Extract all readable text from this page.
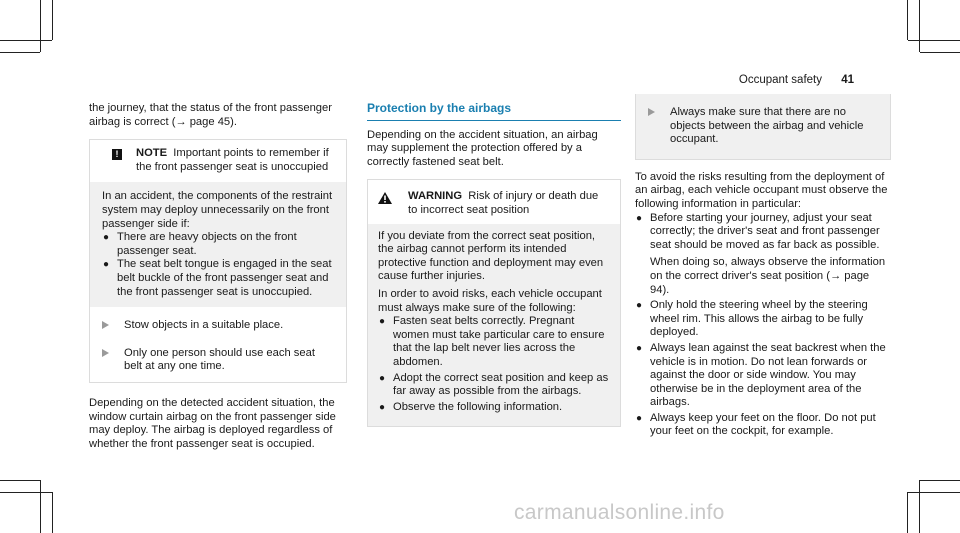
Occupant safety 41

the journey, that the status of the front passenger airbag is correct (→ page 45).

!	NOTE Important points to remember if the front passenger seat is unoccupied

In an accident, the components of the restraint system may deploy unnecessarily on the front passenger side if:

● There are heavy objects on the front passenger seat.
● The seat belt tongue is engaged in the seat belt buckle of the front passenger seat and the front passenger seat is unoccupied.

Stow objects in a suitable place.

Only one person should use each seat belt at any one time.

Depending on the detected accident situation, the window curtain airbag on the front passenger side may deploy. The airbag is deployed regardless of whether the front passenger seat is occupied.

Protection by the airbags

Depending on the accident situation, an airbag may supplement the protection offered by a correctly fastened seat belt.

WARNING Risk of injury or death due to incorrect seat position

If you deviate from the correct seat position, the airbag cannot perform its intended protective function and deployment may even cause further injuries.

In order to avoid risks, each vehicle occupant must always make sure of the following:

● Fasten seat belts correctly. Pregnant women must take particular care to ensure that the lap belt never lies across the abdomen.
● Adopt the correct seat position and keep as far away as possible from the airbags.
● Observe the following information.

Always make sure that there are no objects between the airbag and vehicle occupant.

To avoid the risks resulting from the deployment of an airbag, each vehicle occupant must observe the following information in particular:

● Before starting your journey, adjust your seat correctly; the driver's seat and front passenger seat should be moved as far back as possible.

When doing so, always observe the information on the correct driver's seat position (→ page 94).

● Only hold the steering wheel by the steering wheel rim. This allows the airbag to be fully deployed.
● Always lean against the seat backrest when the vehicle is in motion. Do not lean forwards or against the door or side window. You may otherwise be in the deployment area of the airbags.
● Always keep your feet on the floor. Do not put your feet on the cockpit, for example.
carmanualsonline.info
